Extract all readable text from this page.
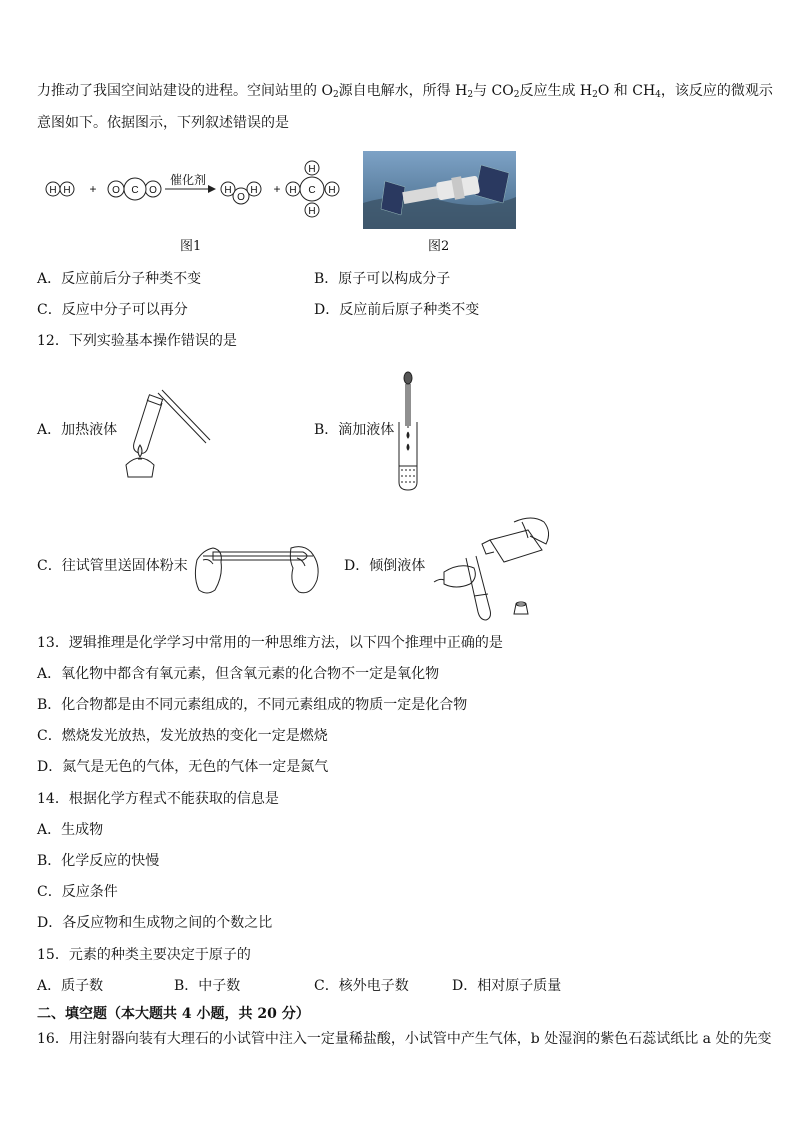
力推动了我国空间站建设的进程。空间站里的 $O_2$源自电解水，所得 $H_2$与 $CO_2$反应生成 $H_2O$ 和 $CH_4$，该反应的微观示
意图如下。依据图示，下列叙述错误的是
H H + O C O
催化剂
H
O
H +
H
H
H	H
C
图1	图2
A．反应前后分子种类不变	B．原子可以构成分子
C．反应中分子可以再分	D．反应前后原子种类不变
12．下列实验基本操作错误的是
A．加热液体	B．滴加液体
C．往试管里送固体粉末	D．倾倒液体
13．逻辑推理是化学学习中常用的一种思维方法，以下四个推理中正确的是
A．氧化物中都含有氧元素，但含氧元素的化合物不一定是氧化物
B．化合物都是由不同元素组成的，不同元素组成的物质一定是化合物
C．燃烧发光放热，发光放热的变化一定是燃烧
D．氮气是无色的气体，无色的气体一定是氮气
14．根据化学方程式不能获取的信息是
A．生成物
B．化学反应的快慢
C．反应条件
D．各反应物和生成物之间的个数之比
15．元素的种类主要决定于原子的
A．质子数	B．中子数	C．核外电子数	D．相对原子质量
二、填空题（本大题共 4 小题，共 20 分）
16．用注射器向装有大理石的小试管中注入一定量稀盐酸，小试管中产生气体，b 处湿润的紫色石蕊试纸比 a 处的先变
